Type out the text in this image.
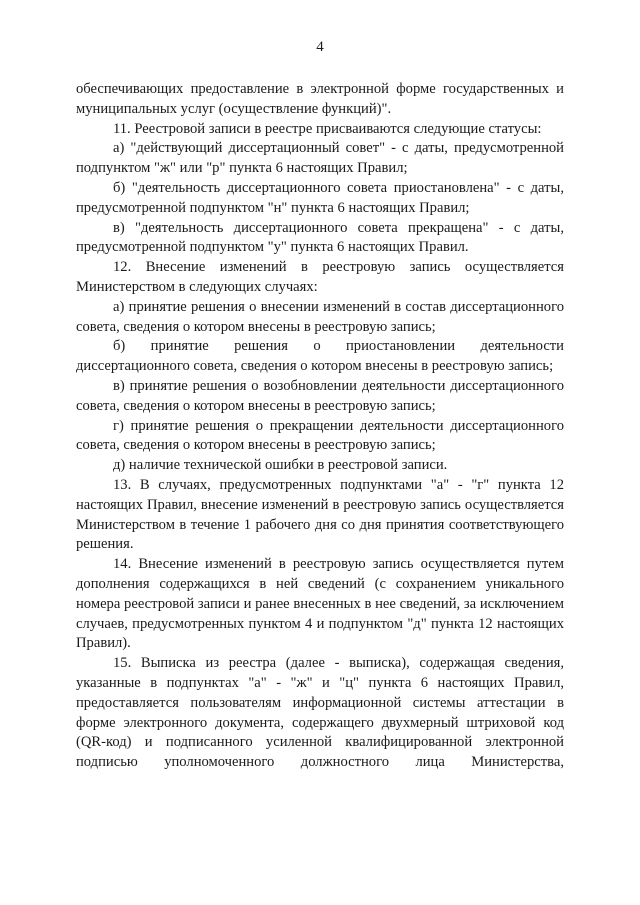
4

обеспечивающих предоставление в электронной форме государственных и муниципальных услуг (осуществление функций)".

11. Реестровой записи в реестре присваиваются следующие статусы:

а) "действующий диссертационный совет" - с даты, предусмотренной подпунктом "ж" или "р" пункта 6 настоящих Правил;

б) "деятельность диссертационного совета приостановлена" - с даты, предусмотренной подпунктом "н" пункта 6 настоящих Правил;

в) "деятельность диссертационного совета прекращена" - с даты, предусмотренной подпунктом "у" пункта 6 настоящих Правил.

12. Внесение изменений в реестровую запись осуществляется Министерством в следующих случаях:

а) принятие решения о внесении изменений в состав диссертационного совета, сведения о котором внесены в реестровую запись;

б) принятие решения о приостановлении деятельности диссертационного совета, сведения о котором внесены в реестровую запись;

в) принятие решения о возобновлении деятельности диссертационного совета, сведения о котором внесены в реестровую запись;

г) принятие решения о прекращении деятельности диссертационного совета, сведения о котором внесены в реестровую запись;

д) наличие технической ошибки в реестровой записи.

13. В случаях, предусмотренных подпунктами "а" - "г" пункта 12 настоящих Правил, внесение изменений в реестровую запись осуществляется Министерством в течение 1 рабочего дня со дня принятия соответствующего решения.

14. Внесение изменений в реестровую запись осуществляется путем дополнения содержащихся в ней сведений (с сохранением уникального номера реестровой записи и ранее внесенных в нее сведений, за исключением случаев, предусмотренных пунктом 4 и подпунктом "д" пункта 12 настоящих Правил).

15. Выписка из реестра (далее - выписка), содержащая сведения, указанные в подпунктах "а" - "ж" и "ц" пункта 6 настоящих Правил, предоставляется пользователям информационной системы аттестации в форме электронного документа, содержащего двухмерный штриховой код (QR-код) и подписанного усиленной квалифицированной электронной подписью уполномоченного должностного лица Министерства,
